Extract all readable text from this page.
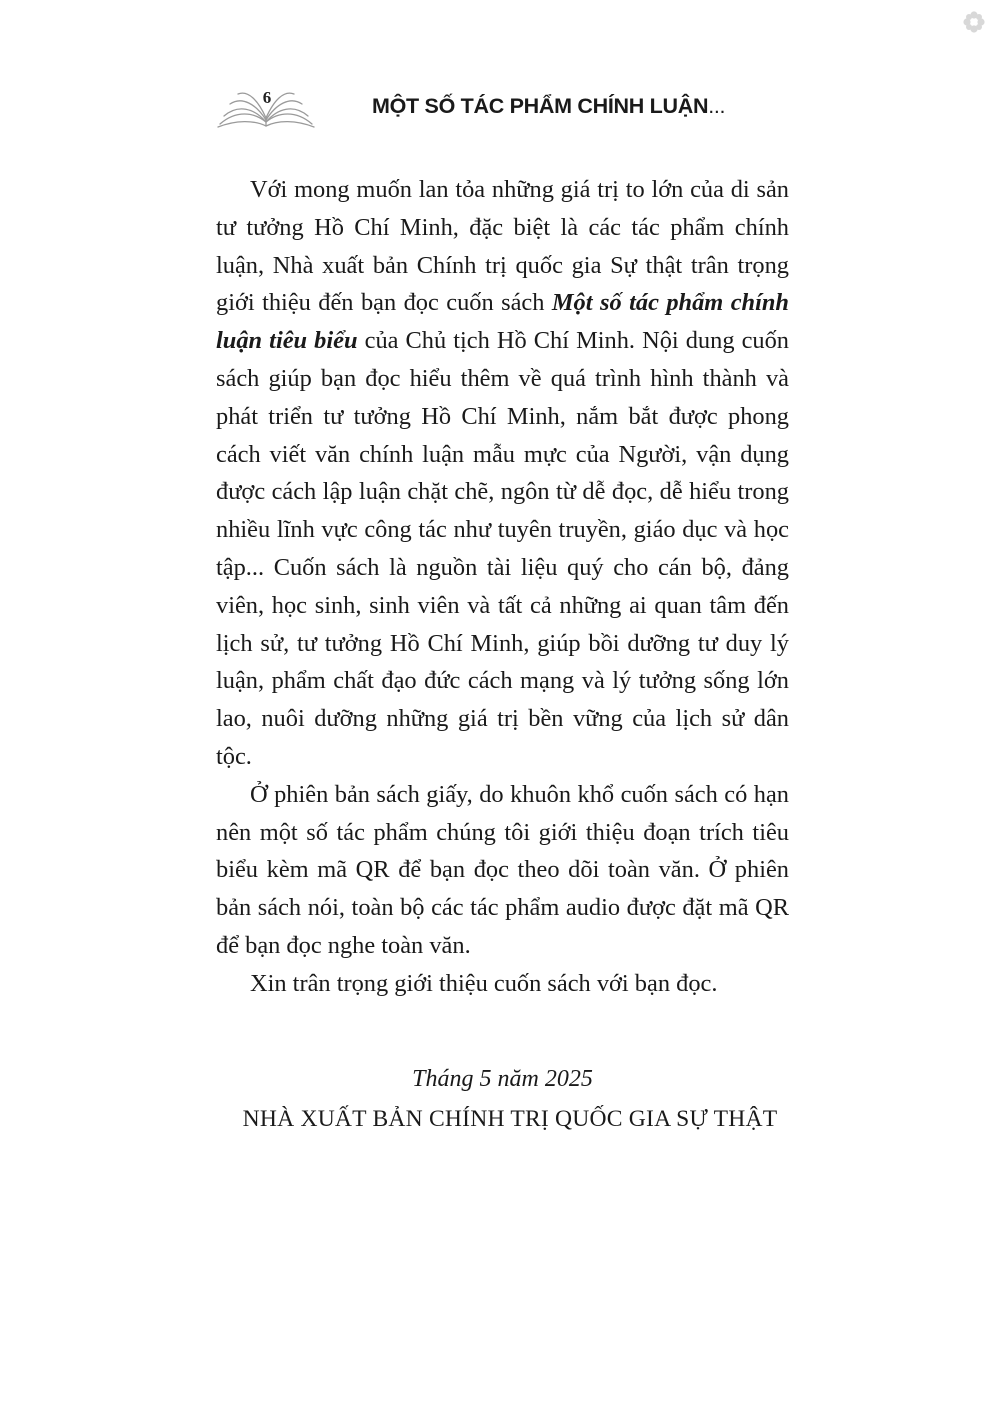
6	MỘT SỐ TÁC PHẨM CHÍNH LUẬN...

Với mong muốn lan tỏa những giá trị to lớn của di sản tư tưởng Hồ Chí Minh, đặc biệt là các tác phẩm chính luận, Nhà xuất bản Chính trị quốc gia Sự thật trân trọng giới thiệu đến bạn đọc cuốn sách Một số tác phẩm chính luận tiêu biểu của Chủ tịch Hồ Chí Minh. Nội dung cuốn sách giúp bạn đọc hiểu thêm về quá trình hình thành và phát triển tư tưởng Hồ Chí Minh, nắm bắt được phong cách viết văn chính luận mẫu mực của Người, vận dụng được cách lập luận chặt chẽ, ngôn từ dễ đọc, dễ hiểu trong nhiều lĩnh vực công tác như tuyên truyền, giáo dục và học tập... Cuốn sách là nguồn tài liệu quý cho cán bộ, đảng viên, học sinh, sinh viên và tất cả những ai quan tâm đến lịch sử, tư tưởng Hồ Chí Minh, giúp bồi dưỡng tư duy lý luận, phẩm chất đạo đức cách mạng và lý tưởng sống lớn lao, nuôi dưỡng những giá trị bền vững của lịch sử dân tộc.

Ở phiên bản sách giấy, do khuôn khổ cuốn sách có hạn nên một số tác phẩm chúng tôi giới thiệu đoạn trích tiêu biểu kèm mã QR để bạn đọc theo dõi toàn văn. Ở phiên bản sách nói, toàn bộ các tác phẩm audio được đặt mã QR để bạn đọc nghe toàn văn.

Xin trân trọng giới thiệu cuốn sách với bạn đọc.

Tháng 5 năm 2025
NHÀ XUẤT BẢN CHÍNH TRỊ QUỐC GIA SỰ THẬT
